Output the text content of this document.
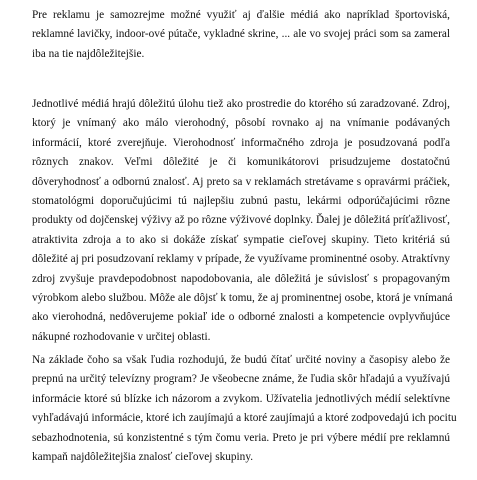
Pre reklamu je samozrejme možné využiť aj ďalšie médiá ako napríklad športoviská,
reklamné lavičky, indoor-ové pútače, vykladné skrine, ... ale vo svojej práci som sa zameral
iba na tie najdôležitejšie.

Jednotlivé médiá hrajú dôležitú úlohu tiež ako prostredie do ktorého sú zaradzované. Zdroj,
ktorý je vnímaný ako málo vierohodný, pôsobí rovnako aj na vnímanie podávaných
informácií, ktoré zverejňuje. Vierohodnosť informačného zdroja je posudzovaná podľa
rôznych znakov. Veľmi dôležité je či komunikátorovi prisudzujeme dostatočnú
dôveryhodnosť a odbornú znalosť. Aj preto sa v reklamách stretávame s opravármi práčiek,
stomatológmi doporučujúcimi tú najlepšiu zubnú pastu, lekármi odporúčajúcimi rôzne
produkty od dojčenskej výživy až po rôzne výživové doplnky. Ďalej je dôležitá príťažlivosť,
atraktivita zdroja a to ako si dokáže získať sympatie cieľovej skupiny. Tieto kritériá sú
dôležité aj pri posudzovaní reklamy v prípade, že využívame prominentné osoby. Atraktívny
zdroj zvyšuje pravdepodobnost napodobovania, ale dôležitá je súvislosť s propagovaným
výrobkom alebo službou. Môže ale dôjsť k tomu, že aj prominentnej osobe, ktorá je vnímaná
ako vierohodná, nedôverujeme pokiaľ ide o odborné znalosti a kompetencie ovplyvňujúce
nákupné rozhodovanie v určitej oblasti.

Na základe čoho sa však ľudia rozhodujú, že budú čítať určité noviny a časopisy alebo že
prepnú na určitý televízny program? Je všeobecne známe, že ľudia skôr hľadajú a využívajú
informácie ktoré sú blízke ich názorom a zvykom. Užívatelia jednotlivých médií selektívne
vyhľadávajú informácie, ktoré ich zaujímajú a ktoré zaujímajú a ktoré zodpovedajú ich pocitu
sebazhodnotenia, sú konzistentné s tým čomu veria. Preto je pri výbere médií pre reklamnú
kampaň najdôležitejšia znalosť cieľovej skupiny.
